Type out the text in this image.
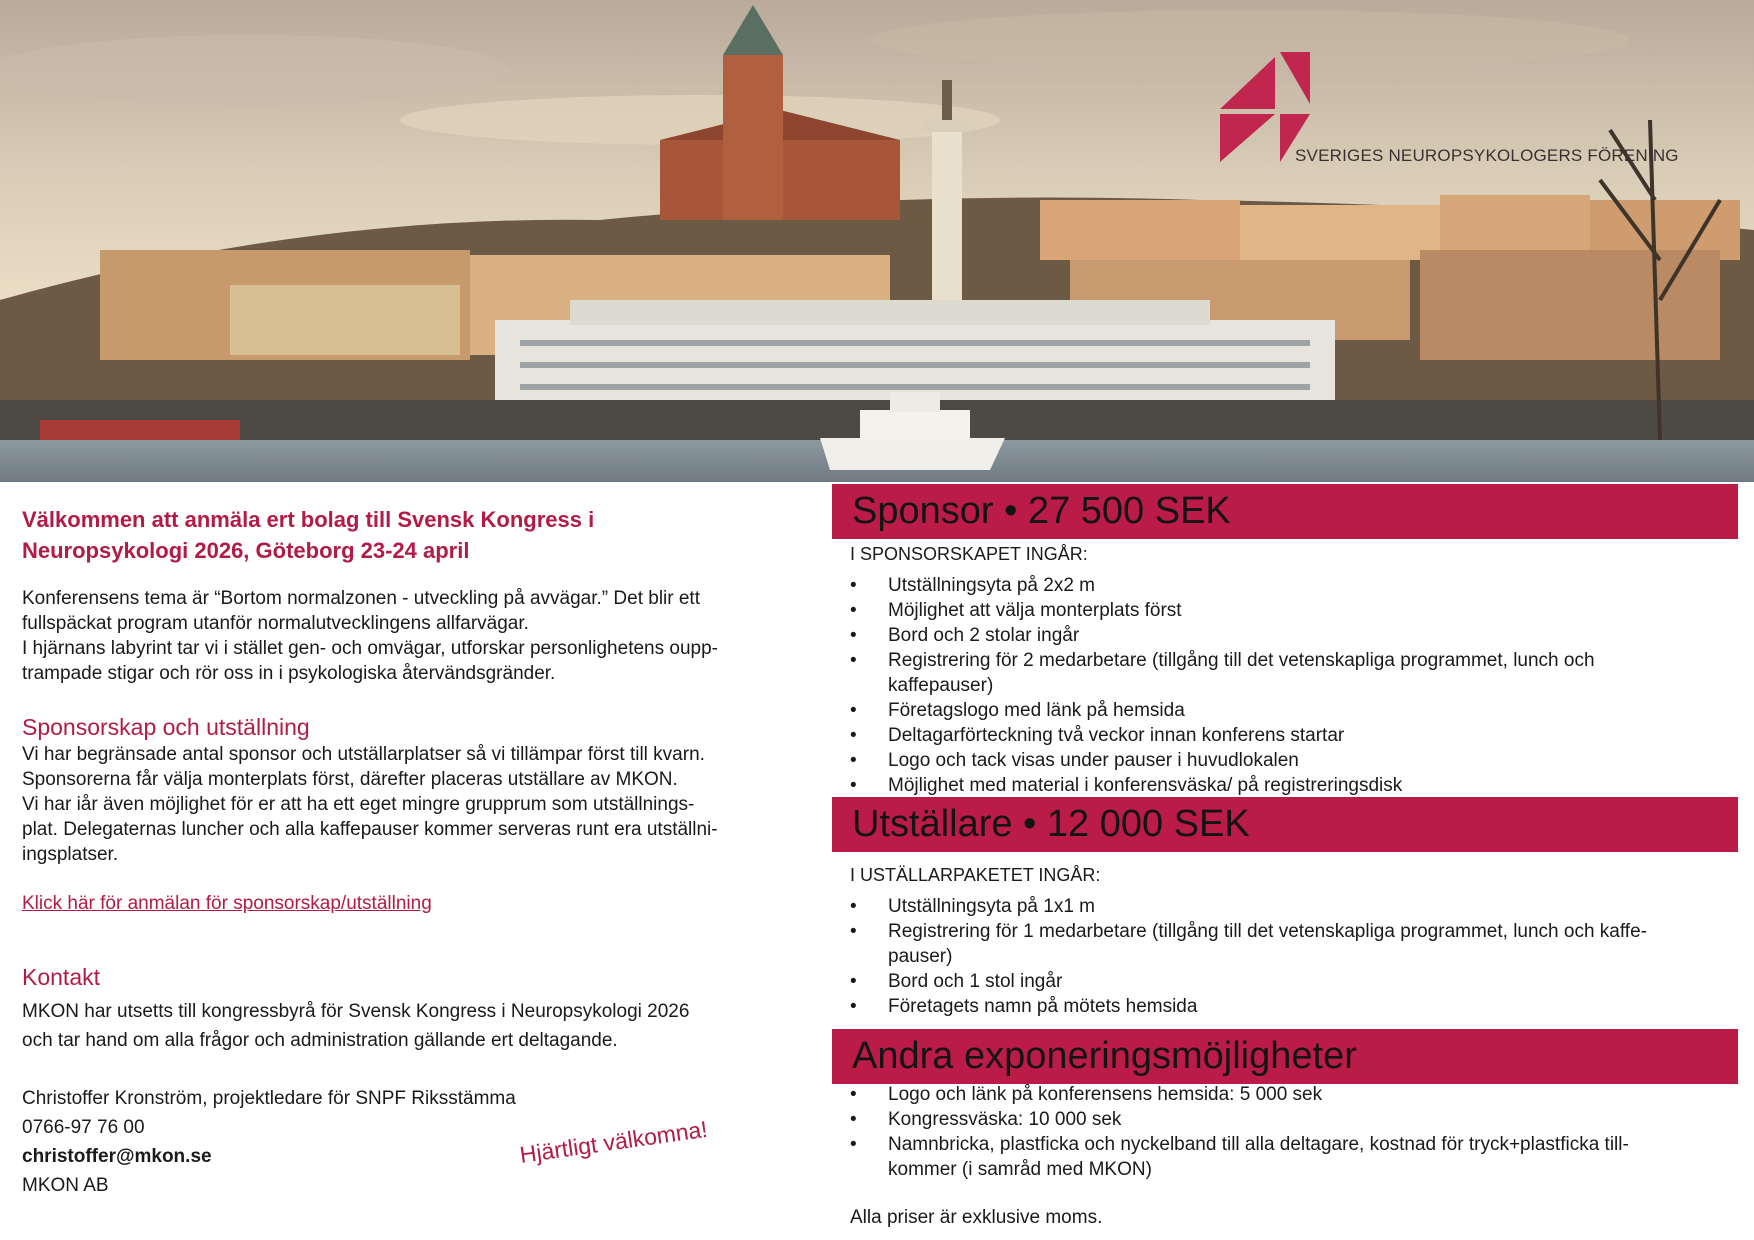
SVERIGES NEUROPSYKOLOGERS FÖRENING
Välkommen att anmäla ert bolag till Svensk Kongress i
Neuropsykologi 2026, Göteborg 23-24 april
Konferensens tema är “Bortom normalzonen - utveckling på avvägar.” Det blir ett
fullspäckat program utanför normalutvecklingens allfarvägar.
I hjärnans labyrint tar vi i stället gen- och omvägar, utforskar personlighetens oupp-
trampade stigar och rör oss in i psykologiska återvändsgränder.
Sponsorskap och utställning
Vi har begränsade antal sponsor och utställarplatser så vi tillämpar först till kvarn.
Sponsorerna får välja monterplats först, därefter placeras utställare av MKON.
Vi har iår även möjlighet för er att ha ett eget mingre grupprum som utställnings-
plat. Delegaternas luncher och alla kaffepauser kommer serveras runt era utställni-
ingsplatser.
Klick här för anmälan för sponsorskap/utställning
Kontakt
MKON har utsetts till kongressbyrå för Svensk Kongress i Neuropsykologi 2026
och tar hand om alla frågor och administration gällande ert deltagande.
Christoffer Kronström, projektledare för SNPF Riksstämma
0766-97 76 00
christoffer@mkon.se
MKON AB
Hjärtligt välkomna!
Sponsor • 27 500 SEK
I SPONSORSKAPET INGÅR:
• Utställningsyta på 2x2 m
• Möjlighet att välja monterplats först
• Bord och 2 stolar ingår
• Registrering för 2 medarbetare (tillgång till det vetenskapliga programmet, lunch och
kaffepauser)
• Företagslogo med länk på hemsida
• Deltagarförteckning två veckor innan konferens startar
• Logo och tack visas under pauser i huvudlokalen
• Möjlighet med material i konferensväska/ på registreringsdisk
Utställare • 12 000 SEK
I USTÄLLARPAKETET INGÅR:
• Utställningsyta på 1x1 m
• Registrering för 1 medarbetare (tillgång till det vetenskapliga programmet, lunch och kaffe-
pauser)
• Bord och 1 stol ingår
• Företagets namn på mötets hemsida
Andra exponeringsmöjligheter
• Logo och länk på konferensens hemsida: 5 000 sek
• Kongressväska: 10 000 sek
• Namnbricka, plastficka och nyckelband till alla deltagare, kostnad för tryck+plastficka till-
kommer (i samråd med MKON)
Alla priser är exklusive moms.
